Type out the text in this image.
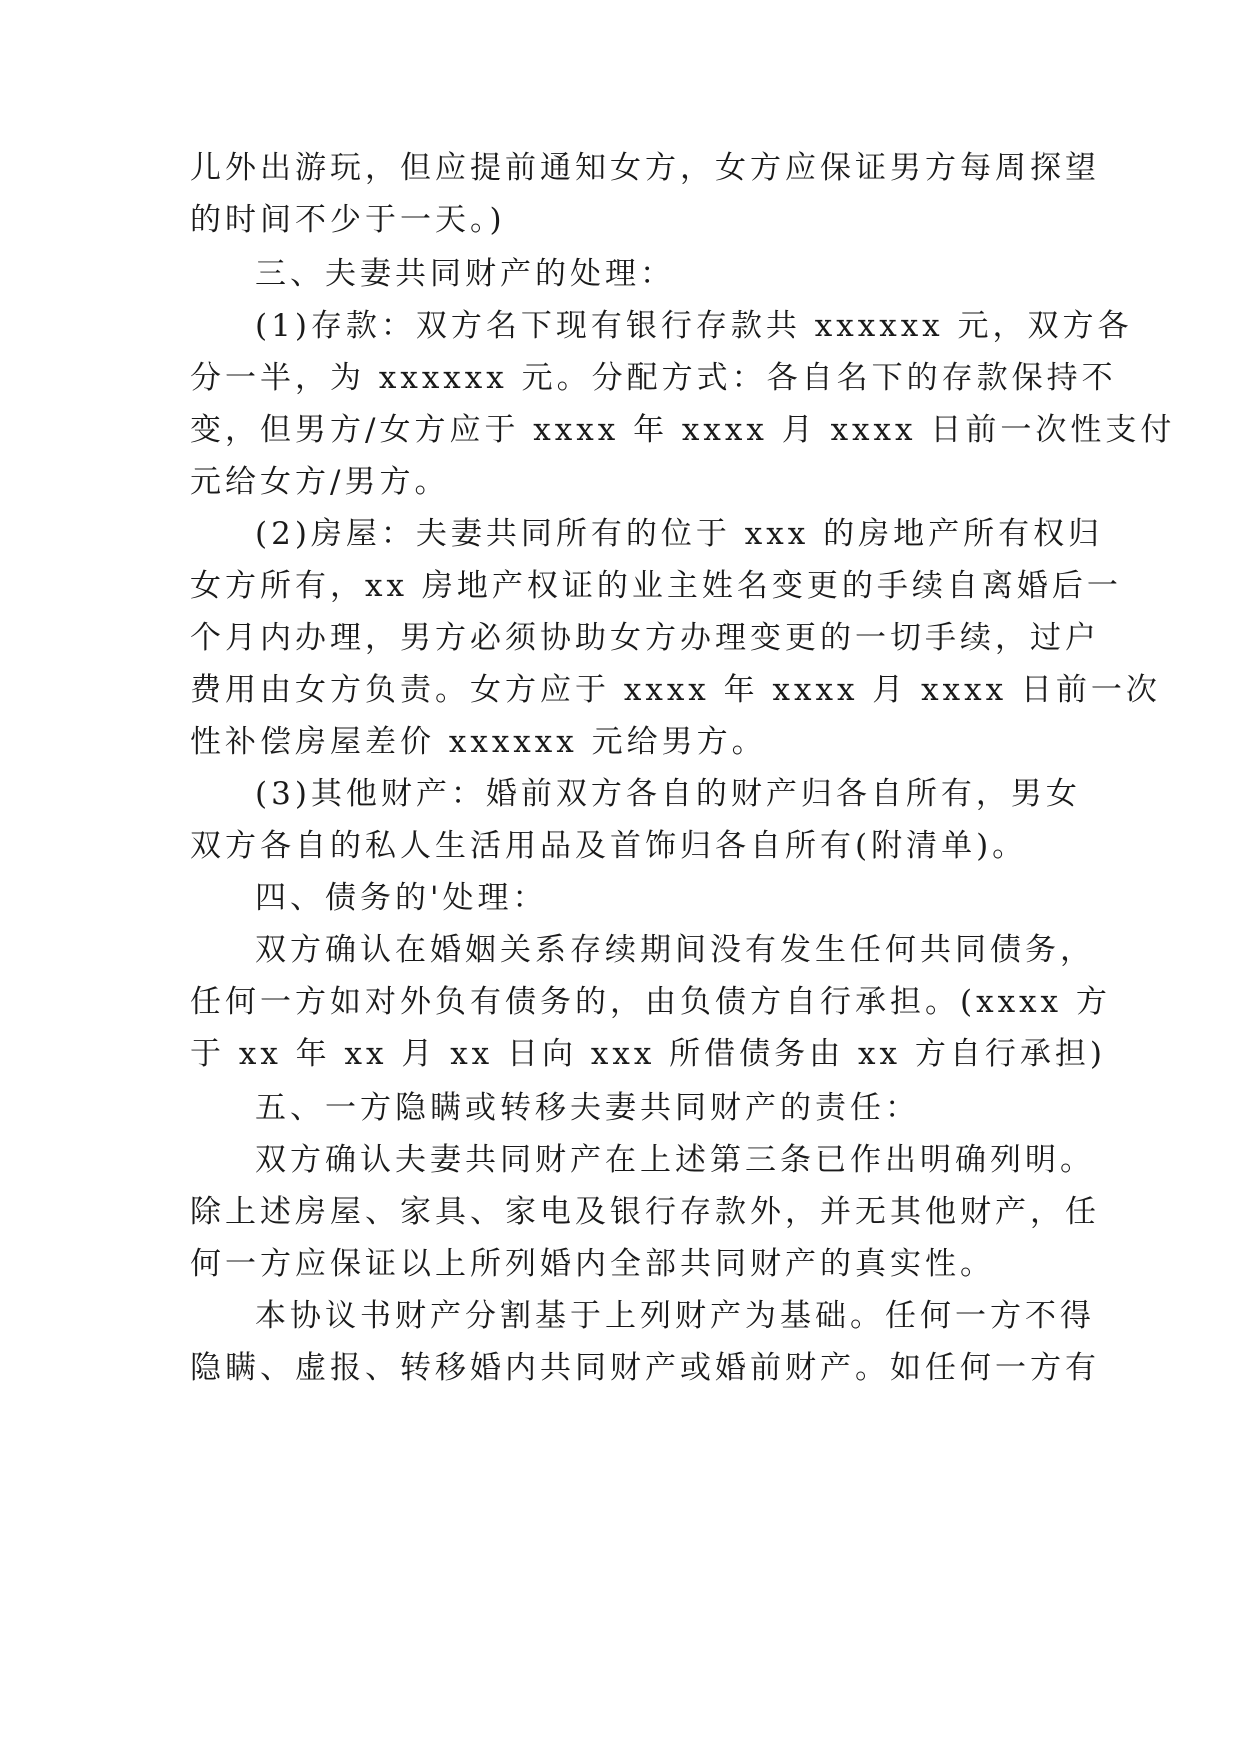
儿外出游玩，但应提前通知女方，女方应保证男方每周探望
的时间不少于一天。)
三、夫妻共同财产的处理：
(1)存款：双方名下现有银行存款共 xxxxxx 元，双方各
分一半，为 xxxxxx 元。分配方式：各自名下的存款保持不
变，但男方/女方应于 xxxx 年 xxxx 月 xxxx 日前一次性支付
元给女方/男方。
(2)房屋：夫妻共同所有的位于 xxx 的房地产所有权归
女方所有，xx 房地产权证的业主姓名变更的手续自离婚后一
个月内办理，男方必须协助女方办理变更的一切手续，过户
费用由女方负责。女方应于 xxxx 年 xxxx 月 xxxx 日前一次
性补偿房屋差价 xxxxxx 元给男方。
(3)其他财产：婚前双方各自的财产归各自所有，男女
双方各自的私人生活用品及首饰归各自所有(附清单)。
四、债务的'处理：
双方确认在婚姻关系存续期间没有发生任何共同债务，
任何一方如对外负有债务的，由负债方自行承担。(xxxx 方
于 xx 年 xx 月 xx 日向 xxx 所借债务由 xx 方自行承担)
五、一方隐瞒或转移夫妻共同财产的责任：
双方确认夫妻共同财产在上述第三条已作出明确列明。
除上述房屋、家具、家电及银行存款外，并无其他财产，任
何一方应保证以上所列婚内全部共同财产的真实性。
本协议书财产分割基于上列财产为基础。任何一方不得
隐瞒、虚报、转移婚内共同财产或婚前财产。如任何一方有
